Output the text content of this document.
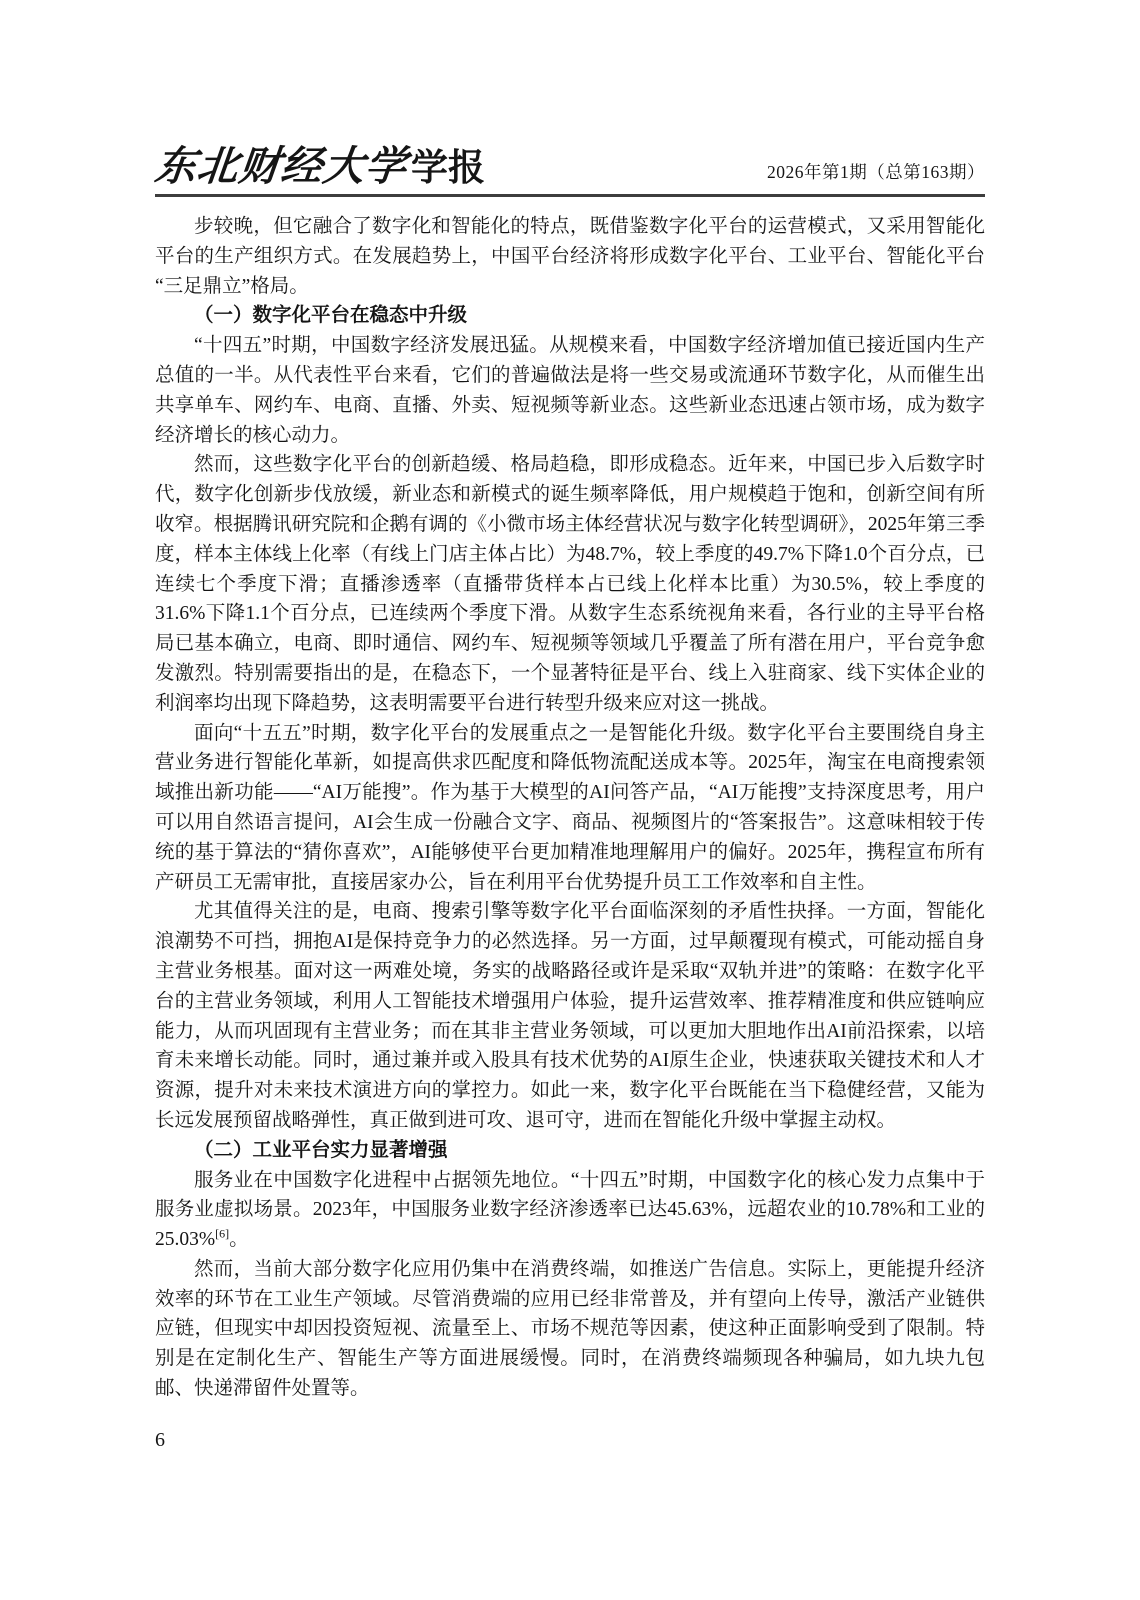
东北财经大学学报	2026年第1期（总第163期）

步较晚，但它融合了数字化和智能化的特点，既借鉴数字化平台的运营模式，又采用智能化平台的生产组织方式。在发展趋势上，中国平台经济将形成数字化平台、工业平台、智能化平台“三足鼎立”格局。

（一）数字化平台在稳态中升级

“十四五”时期，中国数字经济发展迅猛。从规模来看，中国数字经济增加值已接近国内生产总值的一半。从代表性平台来看，它们的普遍做法是将一些交易或流通环节数字化，从而催生出共享单车、网约车、电商、直播、外卖、短视频等新业态。这些新业态迅速占领市场，成为数字经济增长的核心动力。

然而，这些数字化平台的创新趋缓、格局趋稳，即形成稳态。近年来，中国已步入后数字时代，数字化创新步伐放缓，新业态和新模式的诞生频率降低，用户规模趋于饱和，创新空间有所收窄。根据腾讯研究院和企鹅有调的《小微市场主体经营状况与数字化转型调研》，2025年第三季度，样本主体线上化率（有线上门店主体占比）为48.7%，较上季度的49.7%下降1.0个百分点，已连续七个季度下滑；直播渗透率（直播带货样本占已线上化样本比重）为30.5%，较上季度的31.6%下降1.1个百分点，已连续两个季度下滑。从数字生态系统视角来看，各行业的主导平台格局已基本确立，电商、即时通信、网约车、短视频等领域几乎覆盖了所有潜在用户，平台竞争愈发激烈。特别需要指出的是，在稳态下，一个显著特征是平台、线上入驻商家、线下实体企业的利润率均出现下降趋势，这表明需要平台进行转型升级来应对这一挑战。

面向“十五五”时期，数字化平台的发展重点之一是智能化升级。数字化平台主要围绕自身主营业务进行智能化革新，如提高供求匹配度和降低物流配送成本等。2025年，淘宝在电商搜索领域推出新功能——“AI万能搜”。作为基于大模型的AI问答产品，“AI万能搜”支持深度思考，用户可以用自然语言提问，AI会生成一份融合文字、商品、视频图片的“答案报告”。这意味相较于传统的基于算法的“猜你喜欢”，AI能够使平台更加精准地理解用户的偏好。2025年，携程宣布所有产研员工无需审批，直接居家办公，旨在利用平台优势提升员工工作效率和自主性。

尤其值得关注的是，电商、搜索引擎等数字化平台面临深刻的矛盾性抉择。一方面，智能化浪潮势不可挡，拥抱AI是保持竞争力的必然选择。另一方面，过早颠覆现有模式，可能动摇自身主营业务根基。面对这一两难处境，务实的战略路径或许是采取“双轨并进”的策略：在数字化平台的主营业务领域，利用人工智能技术增强用户体验，提升运营效率、推荐精准度和供应链响应能力，从而巩固现有主营业务；而在其非主营业务领域，可以更加大胆地作出AI前沿探索，以培育未来增长动能。同时，通过兼并或入股具有技术优势的AI原生企业，快速获取关键技术和人才资源，提升对未来技术演进方向的掌控力。如此一来，数字化平台既能在当下稳健经营，又能为长远发展预留战略弹性，真正做到进可攻、退可守，进而在智能化升级中掌握主动权。

（二）工业平台实力显著增强

服务业在中国数字化进程中占据领先地位。“十四五”时期，中国数字化的核心发力点集中于服务业虚拟场景。2023年，中国服务业数字经济渗透率已达45.63%，远超农业的10.78%和工业的25.03%[6]。

然而，当前大部分数字化应用仍集中在消费终端，如推送广告信息。实际上，更能提升经济效率的环节在工业生产领域。尽管消费端的应用已经非常普及，并有望向上传导，激活产业链供应链，但现实中却因投资短视、流量至上、市场不规范等因素，使这种正面影响受到了限制。特别是在定制化生产、智能生产等方面进展缓慢。同时，在消费终端频现各种骗局，如九块九包邮、快递滞留件处置等。

6
